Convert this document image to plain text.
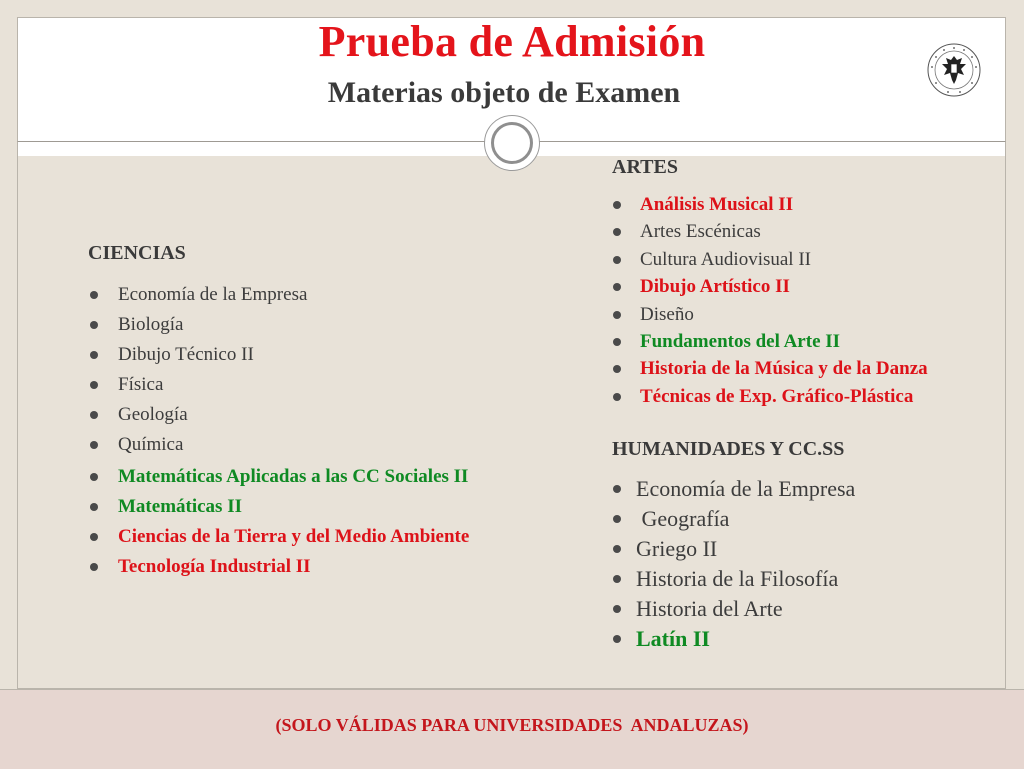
Prueba de Admisión
Materias objeto de Examen
CIENCIAS
Economía de la Empresa
Biología
Dibujo Técnico II
Física
Geología
Química
Matemáticas Aplicadas a las CC Sociales II
Matemáticas II
Ciencias de la Tierra y del Medio Ambiente
Tecnología Industrial II
ARTES
Análisis Musical II
Artes Escénicas
Cultura Audiovisual II
Dibujo Artístico II
Diseño
Fundamentos del Arte II
Historia de la Música y de la Danza
Técnicas de Exp. Gráfico-Plástica
HUMANIDADES Y CC.SS
Economía de la Empresa
Geografía
Griego II
Historia de la Filosofía
Historia del Arte
Latín II
(SOLO VÁLIDAS PARA UNIVERSIDADES  ANDALUZAS)
